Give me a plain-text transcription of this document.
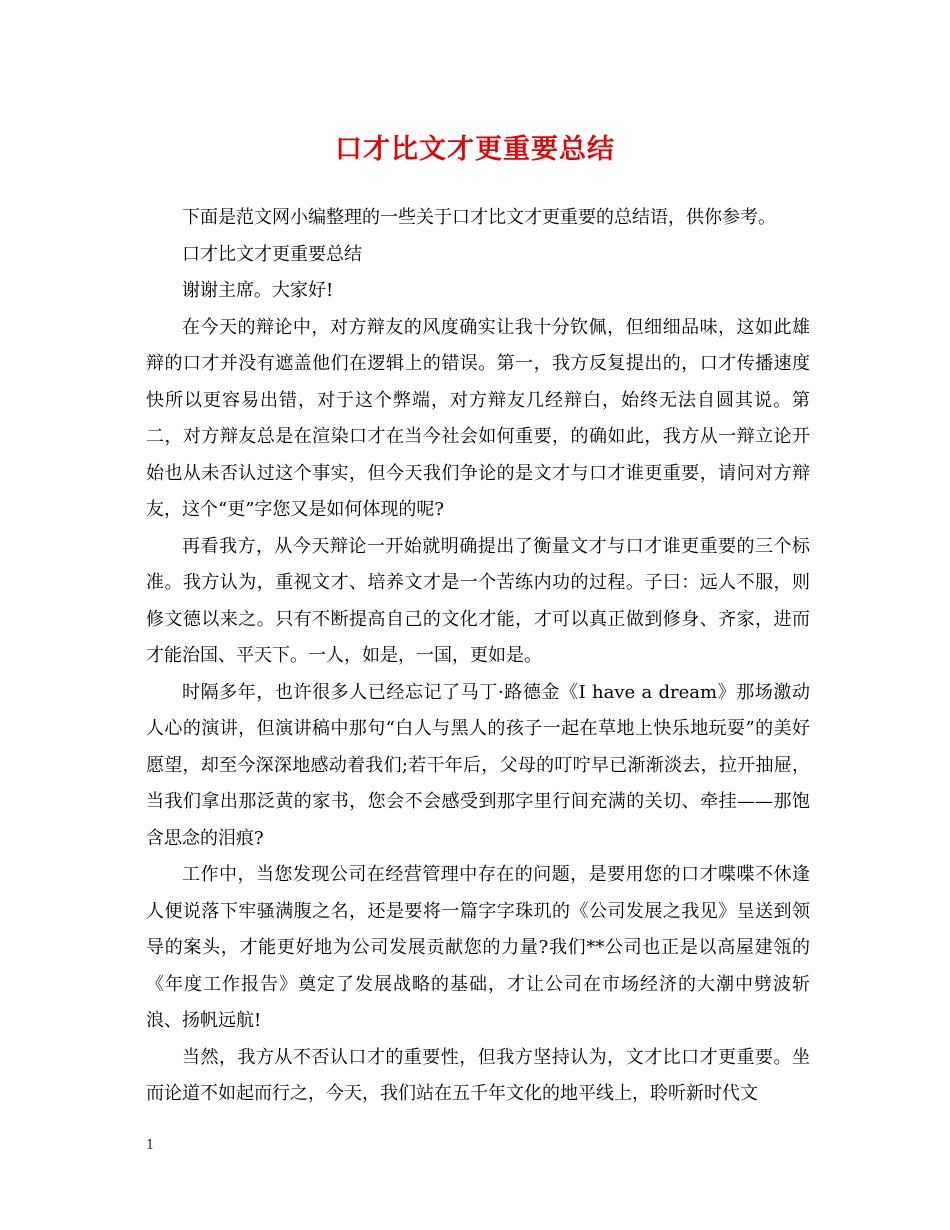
口才比文才更重要总结

下面是范文网小编整理的一些关于口才比文才更重要的总结语，供你参考。

口才比文才更重要总结

谢谢主席。大家好!

在今天的辩论中，对方辩友的风度确实让我十分钦佩，但细细品味，这如此雄辩的口才并没有遮盖他们在逻辑上的错误。第一，我方反复提出的，口才传播速度快所以更容易出错，对于这个弊端，对方辩友几经辩白，始终无法自圆其说。第二，对方辩友总是在渲染口才在当今社会如何重要，的确如此，我方从一辩立论开始也从未否认过这个事实，但今天我们争论的是文才与口才谁更重要，请问对方辩友，这个“更”字您又是如何体现的呢?

再看我方，从今天辩论一开始就明确提出了衡量文才与口才谁更重要的三个标准。我方认为，重视文才、培养文才是一个苦练内功的过程。子曰：远人不服，则修文德以来之。只有不断提高自己的文化才能，才可以真正做到修身、齐家，进而才能治国、平天下。一人，如是，一国，更如是。

时隔多年，也许很多人已经忘记了马丁·路德金《I have a dream》那场激动人心的演讲，但演讲稿中那句“白人与黑人的孩子一起在草地上快乐地玩耍”的美好愿望，却至今深深地感动着我们;若干年后，父母的叮咛早已渐渐淡去，拉开抽屉，当我们拿出那泛黄的家书，您会不会感受到那字里行间充满的关切、牵挂——那饱含思念的泪痕?

工作中，当您发现公司在经营管理中存在的问题，是要用您的口才喋喋不休逢人便说落下牢骚满腹之名，还是要将一篇字字珠玑的《公司发展之我见》呈送到领导的案头，才能更好地为公司发展贡献您的力量?我们**公司也正是以高屋建瓴的《年度工作报告》奠定了发展战略的基础，才让公司在市场经济的大潮中劈波斩浪、扬帆远航!

当然，我方从不否认口才的重要性，但我方坚持认为，文才比口才更重要。坐而论道不如起而行之，今天，我们站在五千年文化的地平线上，聆听新时代文

1
